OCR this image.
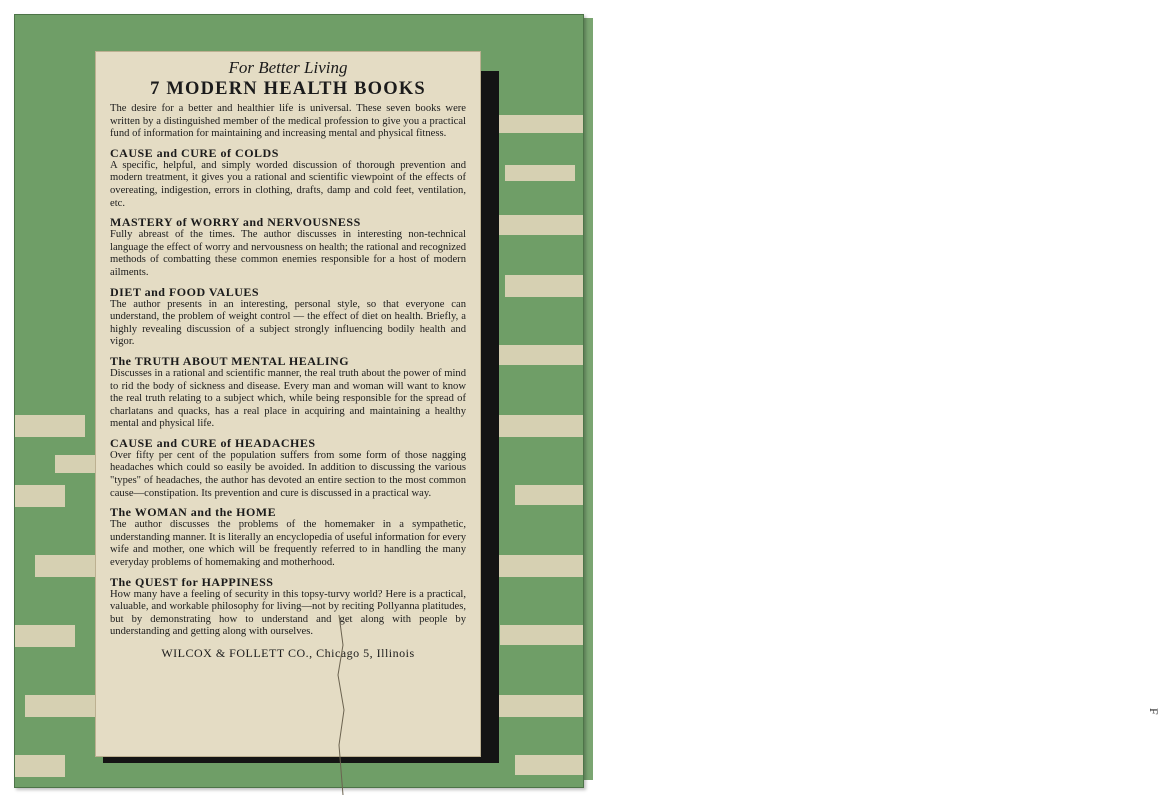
F

For Better Living

7 MODERN HEALTH BOOKS

The desire for a better and healthier life is universal. These seven books were written by a distinguished member of the medical profession to give you a practical fund of information for maintaining and increasing mental and physical fitness.

CAUSE and CURE of COLDS

A specific, helpful, and simply worded discussion of thorough prevention and modern treatment, it gives you a rational and scientific viewpoint of the effects of overeating, indigestion, errors in clothing, drafts, damp and cold feet, ventilation, etc.

MASTERY of WORRY and NERVOUSNESS

Fully abreast of the times. The author discusses in interesting non-technical language the effect of worry and nervousness on health; the rational and recognized methods of combatting these common enemies responsible for a host of modern ailments.

DIET and FOOD VALUES

The author presents in an interesting, personal style, so that everyone can understand, the problem of weight control — the effect of diet on health. Briefly, a highly revealing discussion of a subject strongly influencing bodily health and vigor.

The TRUTH ABOUT MENTAL HEALING

Discusses in a rational and scientific manner, the real truth about the power of mind to rid the body of sickness and disease. Every man and woman will want to know the real truth relating to a subject which, while being responsible for the spread of charlatans and quacks, has a real place in acquiring and maintaining a healthy mental and physical life.

CAUSE and CURE of HEADACHES

Over fifty per cent of the population suffers from some form of those nagging headaches which could so easily be avoided. In addition to discussing the various "types" of headaches, the author has devoted an entire section to the most common cause—constipation. Its prevention and cure is discussed in a practical way.

The WOMAN and the HOME

The author discusses the problems of the homemaker in a sympathetic, understanding manner. It is literally an encyclopedia of useful information for every wife and mother, one which will be frequently referred to in handling the many everyday problems of homemaking and motherhood.

The QUEST for HAPPINESS

How many have a feeling of security in this topsy-turvy world? Here is a practical, valuable, and workable philosophy for living—not by reciting Pollyanna platitudes, but by demonstrating how to understand and get along with people by understanding and getting along with ourselves.

WILCOX & FOLLETT CO., Chicago 5, Illinois
